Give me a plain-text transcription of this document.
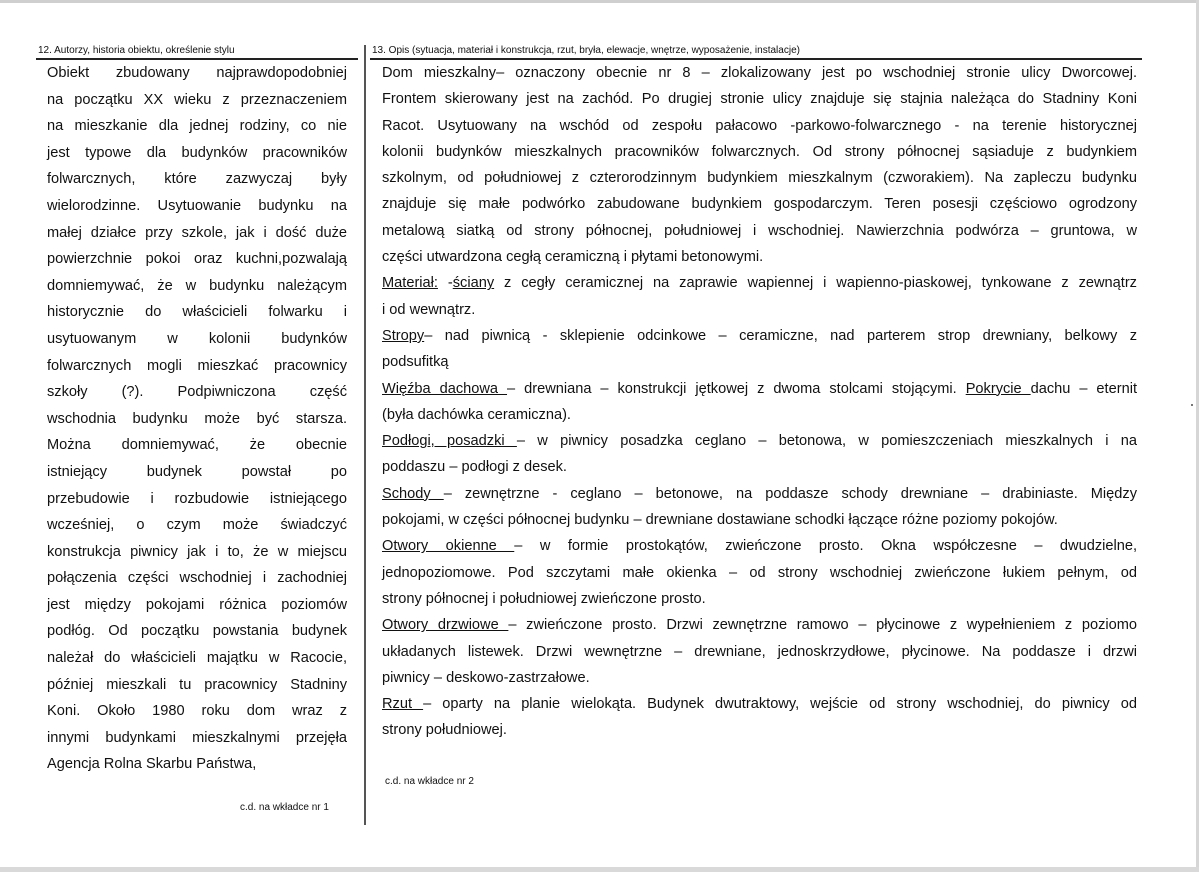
12. Autorzy, historia obiektu, określenie stylu	13. Opis (sytuacja, materiał i konstrukcja, rzut, bryła, elewacje, wnętrze, wyposażenie, instalacje)
Obiekt zbudowany najprawdopodobniej
na początku XX wieku z przeznaczeniem
na mieszkanie dla jednej rodziny, co nie
jest typowe dla budynków pracowników
folwarcznych, które zazwyczaj były
wielorodzinne. Usytuowanie budynku na
małej działce przy szkole, jak i dość duże
powierzchnie pokoi oraz kuchni,pozwalają
domniemywać, że w budynku należącym
historycznie do właścicieli folwarku i
usytuowanym w kolonii budynków
folwarcznych mogli mieszkać pracownicy
szkoły (?). Podpiwniczona część
wschodnia budynku może być starsza.
Można domniemywać, że obecnie
istniejący budynek powstał po
przebudowie i rozbudowie istniejącego
wcześniej, o czym może świadczyć
konstrukcja piwnicy jak i to, że w miejscu
połączenia części wschodniej i zachodniej
jest między pokojami różnica poziomów
podłóg. Od początku powstania budynek
należał do właścicieli majątku w Racocie,
później mieszkali tu pracownicy Stadniny
Koni. Około 1980 roku dom wraz z
innymi budynkami mieszkalnymi przejęła
Agencja Rolna Skarbu Państwa,
c.d. na wkładce nr 1
Dom mieszkalny– oznaczony obecnie nr 8 – zlokalizowany jest po wschodniej stronie ulicy Dworcowej.
Frontem skierowany jest na zachód. Po drugiej stronie ulicy znajduje się stajnia należąca do Stadniny Koni
Racot. Usytuowany na wschód od zespołu pałacowo -parkowo-folwarcznego - na terenie historycznej
kolonii budynków mieszkalnych pracowników folwarcznych. Od strony północnej sąsiaduje z budynkiem
szkolnym, od południowej z czterorodzinnym budynkiem mieszkalnym (czworakiem). Na zapleczu budynku
znajduje się małe podwórko zabudowane budynkiem gospodarczym. Teren posesji częściowo ogrodzony
metalową siatką od strony północnej, południowej i wschodniej. Nawierzchnia podwórza – gruntowa, w
części utwardzona cegłą ceramiczną i płytami betonowymi.
Materiał: -ściany z cegły ceramicznej na zaprawie wapiennej i wapienno-piaskowej, tynkowane z zewnątrz
i od wewnątrz.
Stropy– nad piwnicą - sklepienie odcinkowe – ceramiczne, nad parterem strop drewniany, belkowy z
podsufitką
Więźba dachowa – drewniana – konstrukcji jętkowej z dwoma stolcami stojącymi. Pokrycie dachu – eternit
(była dachówka ceramiczna).
Podłogi, posadzki – w piwnicy posadzka ceglano – betonowa, w pomieszczeniach mieszkalnych i na
poddaszu – podłogi z desek.
Schody – zewnętrzne - ceglano – betonowe, na poddasze schody drewniane – drabiniaste. Między
pokojami, w części północnej budynku – drewniane dostawiane schodki łączące różne poziomy pokojów.
Otwory okienne – w formie prostokątów, zwieńczone prosto. Okna współczesne – dwudzielne,
jednopoziomowe. Pod szczytami małe okienka – od strony wschodniej zwieńczone łukiem pełnym, od
strony północnej i południowej zwieńczone prosto.
Otwory drzwiowe – zwieńczone prosto. Drzwi zewnętrzne ramowo – płycinowe z wypełnieniem z poziomo
układanych listewek. Drzwi wewnętrzne – drewniane, jednoskrzydłowe, płycinowe. Na poddasze i drzwi
piwnicy – deskowo-zastrzałowe.
Rzut – oparty na planie wielokąta. Budynek dwutraktowy, wejście od strony wschodniej, do piwnicy od
strony południowej.
c.d. na wkładce nr 2
